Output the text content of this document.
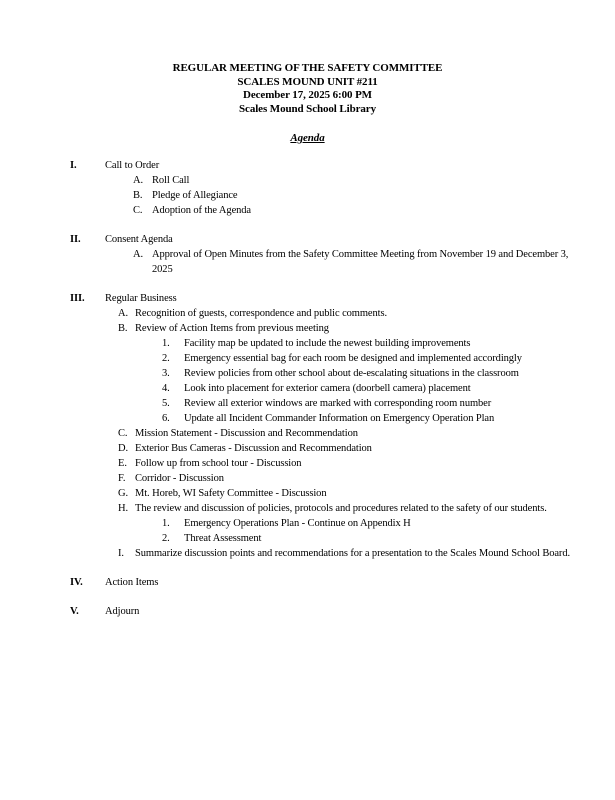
REGULAR MEETING OF THE SAFETY COMMITTEE
SCALES MOUND UNIT #211
December 17, 2025 6:00 PM
Scales Mound School Library
Agenda
I.	Call to Order
A. Roll Call
B. Pledge of Allegiance
C. Adoption of the Agenda
II.	Consent Agenda
A. Approval of Open Minutes from the Safety Committee Meeting from November 19 and December 3, 2025
III.	Regular Business
A. Recognition of guests, correspondence and public comments.
B. Review of Action Items from previous meeting
1.	Facility map be updated to include the newest building improvements
2.	Emergency essential bag for each room be designed and implemented accordingly
3.	Review policies from other school about de-escalating situations in the classroom
4.	Look into placement for exterior camera (doorbell camera) placement
5.	Review all exterior windows are marked with corresponding room number
6.	Update all Incident Commander Information on Emergency Operation Plan
C. Mission Statement - Discussion and Recommendation
D. Exterior Bus Cameras - Discussion and Recommendation
E. Follow up from school tour - Discussion
F. Corridor - Discussion
G. Mt. Horeb, WI Safety Committee - Discussion
H. The review and discussion of policies, protocols and procedures related to the safety of our students.
1.	Emergency Operations Plan - Continue on Appendix H
2.	Threat Assessment
I.	Summarize discussion points and recommendations for a presentation to the Scales Mound School Board.
IV.	Action Items
V.	Adjourn
